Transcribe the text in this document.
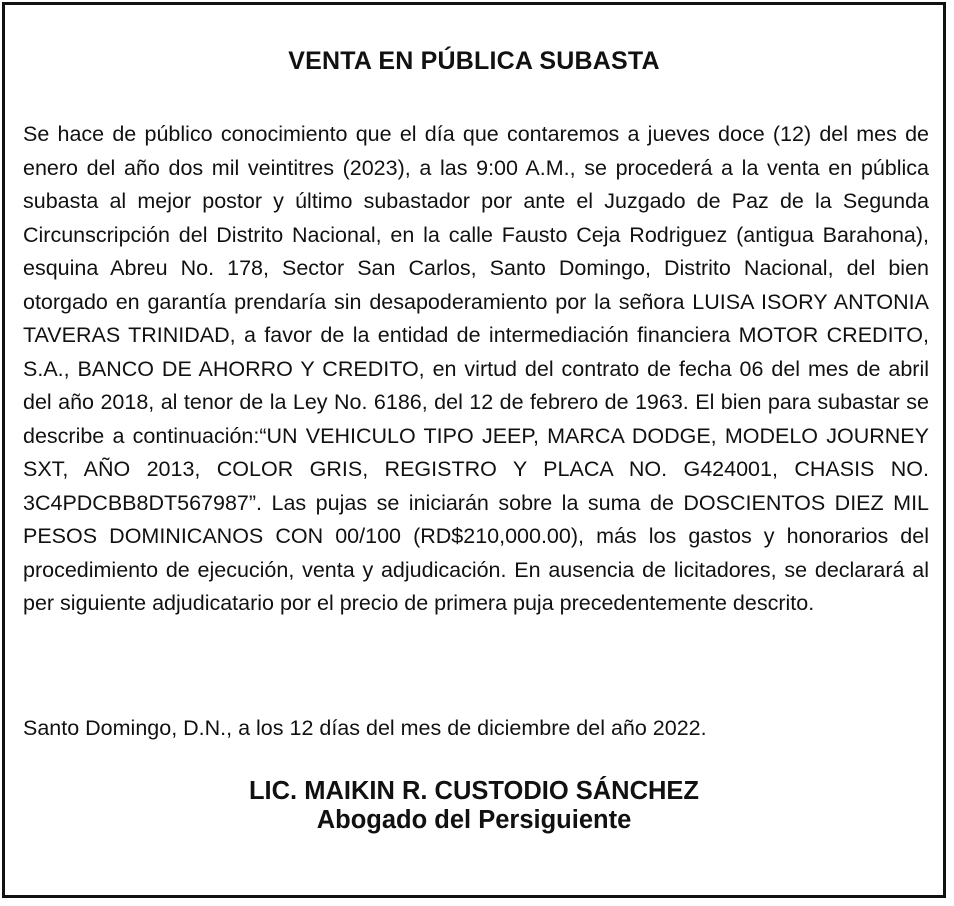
VENTA EN PÚBLICA SUBASTA

Se hace de público conocimiento que el día que contaremos a jueves doce (12) del mes de enero del año dos mil veintitres (2023), a las 9:00 A.M., se procederá a la venta en pública subasta al mejor postor y último subastador por ante el Juzgado de Paz de la Segunda Circunscripción del Distrito Nacional, en la calle Fausto Ceja Rodriguez (antigua Barahona), esquina Abreu No. 178, Sector San Carlos, Santo Domingo, Distrito Nacional, del bien otorgado en garantía prendaría sin desapoderamiento por la señora LUISA ISORY ANTONIA TAVERAS TRINIDAD, a favor de la entidad de intermediación financiera MOTOR CREDITO, S.A., BANCO DE AHORRO Y CREDITO, en virtud del contrato de fecha 06 del mes de abril del año 2018, al tenor de la Ley No. 6186, del 12 de febrero de 1963. El bien para subastar se describe a continuación:“UN VEHICULO TIPO JEEP, MARCA DODGE, MODELO JOURNEY SXT, AÑO 2013, COLOR GRIS, REGISTRO Y PLACA NO. G424001, CHASIS NO. 3C4PDCBB8DT567987”. Las pujas se iniciarán sobre la suma de DOSCIENTOS DIEZ MIL PESOS DOMINICANOS CON 00/100 (RD$210,000.00), más los gastos y honorarios del procedimiento de ejecución, venta y adjudicación. En ausencia de licitadores, se declarará al per siguiente adjudicatario por el precio de primera puja precedentemente descrito.

Santo Domingo, D.N., a los 12 días del mes de diciembre del año 2022.

LIC. MAIKIN R. CUSTODIO SÁNCHEZ
Abogado del Persiguiente
